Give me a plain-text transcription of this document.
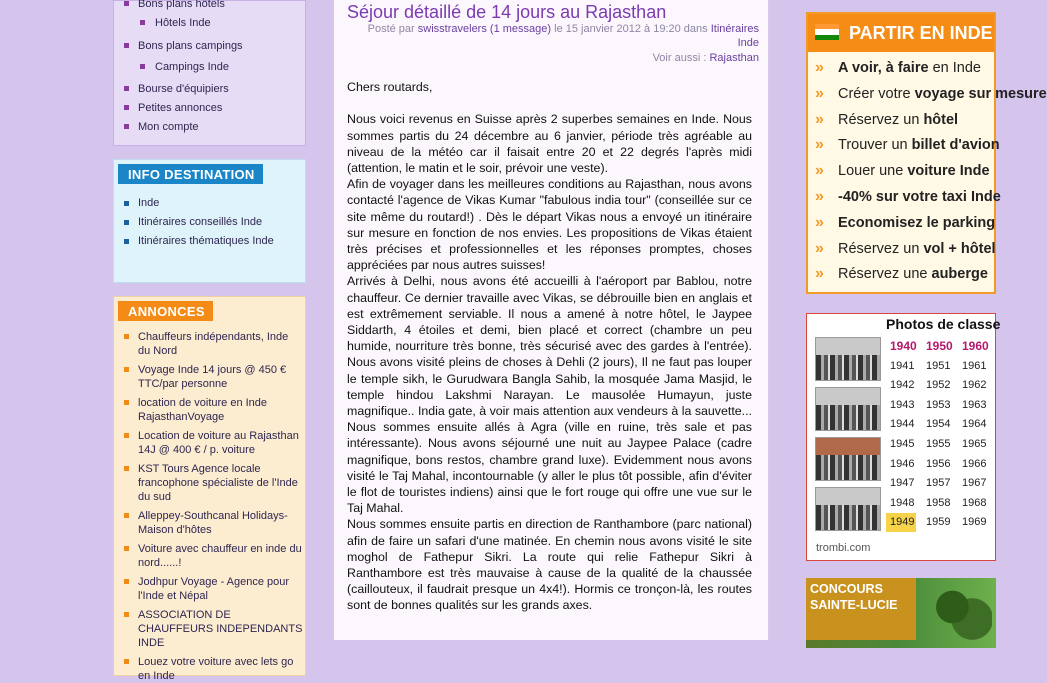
Bons plans hôtels
Hôtels Inde
Bons plans campings
Campings Inde
Bourse d'équipiers
Petites annonces
Mon compte
INFO DESTINATION
Inde
Itinéraires conseillés Inde
Itinéraires thématiques Inde
ANNONCES
Chauffeurs indépendants, Inde du Nord
Voyage Inde 14 jours @ 450 € TTC/par personne
location de voiture en Inde RajasthanVoyage
Location de voiture au Rajasthan 14J @ 400 € / p. voiture
KST Tours Agence locale francophone spécialiste de l'Inde du sud
Alleppey-Southcanal Holidays-Maison d'hôtes
Voiture avec chauffeur en inde du nord......!
Jodhpur Voyage - Agence pour l'Inde et Népal
ASSOCIATION DE CHAUFFEURS INDEPENDANTS INDE
Louez votre voiture avec lets go en Inde
Séjour détaillé de 14 jours au Rajasthan
Posté par swisstravelers (1 message) le 15 janvier 2012 à 19:20 dans Itinéraires Inde
Voir aussi : Rajasthan

Chers routards,

Nous voici revenus en Suisse après 2 superbes semaines en Inde. Nous sommes partis du 24 décembre au 6 janvier, période très agréable au niveau de la météo car il faisait entre 20 et 22 degrés l'après midi (attention, le matin et le soir, prévoir une veste).

Afin de voyager dans les meilleures conditions au Rajasthan, nous avons contacté l'agence de Vikas Kumar "fabulous india tour" (conseillée sur ce site même du routard!) . Dès le départ Vikas nous a envoyé un itinéraire sur mesure en fonction de nos envies. Les propositions de Vikas étaient très précises et professionnelles et les réponses promptes, choses appréciées par nous autres suisses!

Arrivés à Delhi, nous avons été accueilli à l'aéroport par Bablou, notre chauffeur. Ce dernier travaille avec Vikas, se débrouille bien en anglais et est extrêmement serviable. Il nous a amené à notre hôtel, le Jaypee Siddarth, 4 étoiles et demi, bien placé et correct (chambre un peu humide, nourriture très bonne, très sécurisé avec des gardes à l'entrée). Nous avons visité pleins de choses à Dehli (2 jours), Il ne faut pas louper le temple sikh, le Gurudwara Bangla Sahib, la mosquée Jama Masjid, le temple hindou Lakshmi Narayan. Le mausolée Humayun, juste magnifique.. India gate, à voir mais attention aux vendeurs à la sauvette...

Nous sommes ensuite allés à Agra (ville en ruine, très sale et pas intéressante). Nous avons séjourné une nuit au Jaypee Palace (cadre magnifique, bons restos, chambre grand luxe). Evidemment nous avons visité le Taj Mahal, incontournable (y aller le plus tôt possible, afin d'éviter le flot de touristes indiens) ainsi que le fort rouge qui offre une vue sur le Taj Mahal.

Nous sommes ensuite partis en direction de Ranthambore (parc national) afin de faire un safari d'une matinée. En chemin nous avons visité le site moghol de Fathepur Sikri. La route qui relie Fathepur Sikri à Ranthambore est très mauvaise à cause de la qualité de la chaussée (caillouteux, il faudrait presque un 4x4!). Hormis ce tronçon-là, les routes sont de bonnes qualités sur les grands axes.

PARTIR EN INDE
» A voir, à faire en Inde
» Créer votre voyage sur mesure
» Réservez un hôtel
» Trouver un billet d'avion
» Louer une voiture Inde
» -40% sur votre taxi Inde
» Economisez le parking
» Réservez un vol + hôtel
» Réservez une auberge
Photos de classe
1940
1941
1942
1943
1944
1945
1946
1947
1948
1949
1950
1951
1952
1953
1954
1955
1956
1957
1958
1959
1960
1961
1962
1963
1964
1965
1966
1967
1968
1969
trombi.com
CONCOURS
SAINTE-LUCIE
